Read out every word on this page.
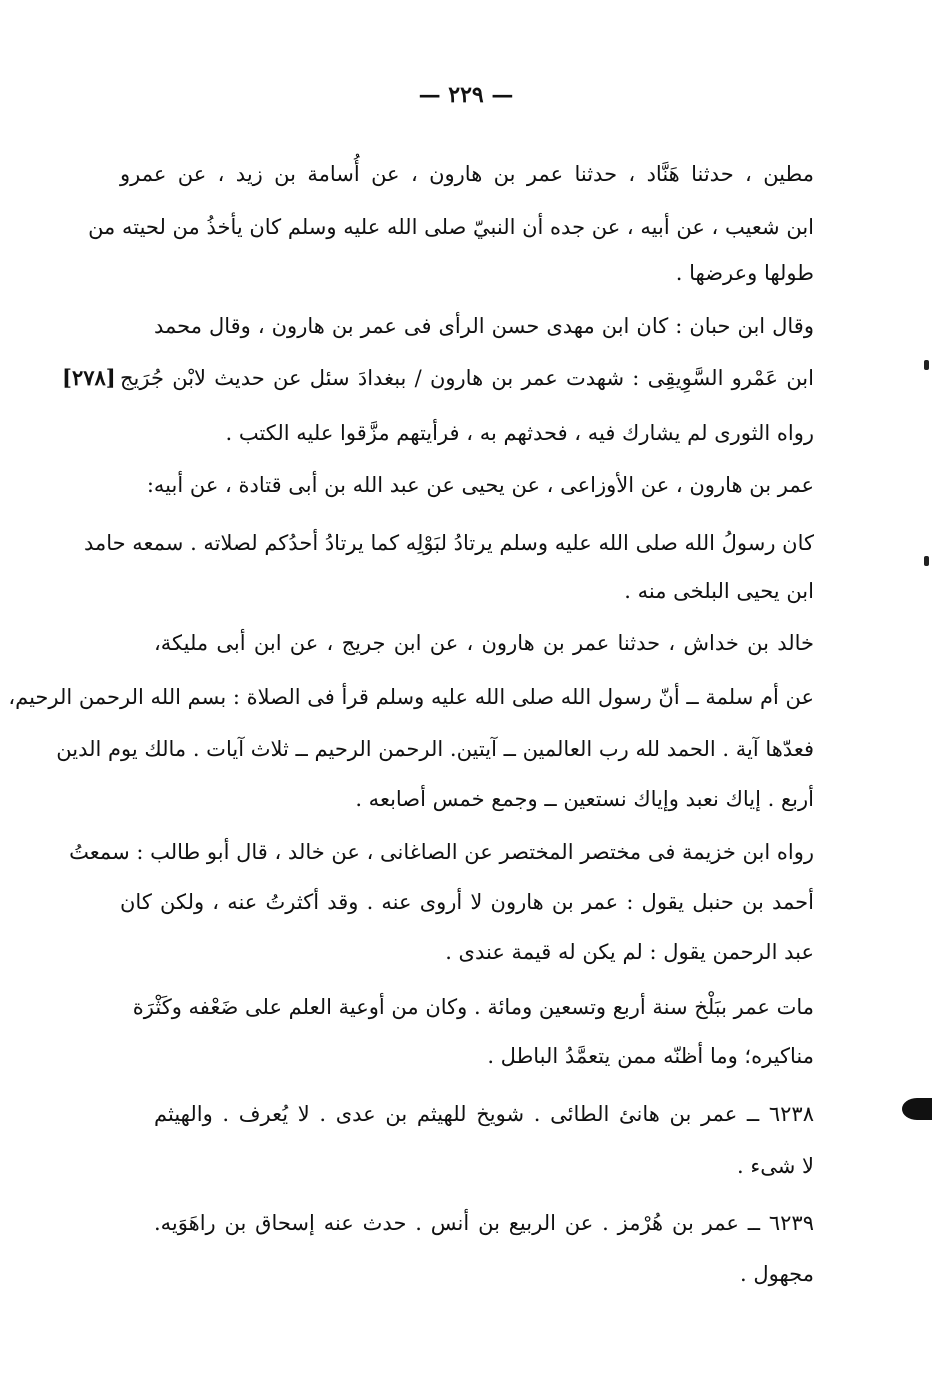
— ٢٢٩ —
[٢٧٨]
مطين ، حدثنا هَنَّاد ، حدثنا عمر بن هارون ، عن أُسامة بن زيد ، عن عمرو
ابن شعيب ، عن أبيه ، عن جده أن النبيّ صلى الله عليه وسلم كان يأخذُ من لحيته من
طولها وعرضها .
وقال ابن حبان : كان ابن مهدى حسن الرأى فى عمر بن هارون ، وقال محمد
ابن عَمْرو السَّوِيقِى : شهدت عمر بن هارون / ببغدادَ سئل عن حديث لابْن جُرَيج
رواه الثورى لم يشارك فيه ، فحدثهم به ، فرأيتهم مزَّقوا عليه الكتب .
عمر بن هارون ، عن الأوزاعى ، عن يحيى عن عبد الله بن أبى قتادة ، عن أبيه:
كان رسولُ الله صلى الله عليه وسلم يرتادُ لبَوْلِه كما يرتادُ أحدُكم لصلاته . سمعه حامد
ابن يحيى البلخى منه .
خالد بن خداش ، حدثنا عمر بن هارون ، عن ابن جريج ، عن ابن أبى مليكة،
عن أم سلمة ــ أنّ رسول الله صلى الله عليه وسلم قرأ فى الصلاة : بسم الله الرحمن الرحيم،
فعدّها آية . الحمد لله رب العالمين ــ آيتين. الرحمن الرحيم ــ ثلاث آيات . مالك يوم الدين
أربع . إياك نعبد وإياك نستعين ــ وجمع خمس أصابعه .
رواه ابن خزيمة فى مختصر المختصر عن الصاغانى ، عن خالد ، قال أبو طالب : سمعتُ
أحمد بن حنبل يقول : عمر بن هارون لا أروى عنه . وقد أكثرتُ عنه ، ولكن كان
عبد الرحمن يقول : لم يكن له قيمة عندى .
مات عمر ببَلْخ سنة أربع وتسعين ومائة . وكان من أوعية العلم على ضَعْفه وكَثْرَة
مناكيره؛ وما أظنّه ممن يتعمَّدُ الباطل .
٦٢٣٨ ــ عمر بن هانئ الطائى . شويخ للهيثم بن عدى . لا يُعرف . والهيثم
لا شىء .
٦٢٣٩ ــ عمر بن هُرْمز . عن الربيع بن أنس . حدث عنه إسحاق بن راهَوَيه.
مجهول .
